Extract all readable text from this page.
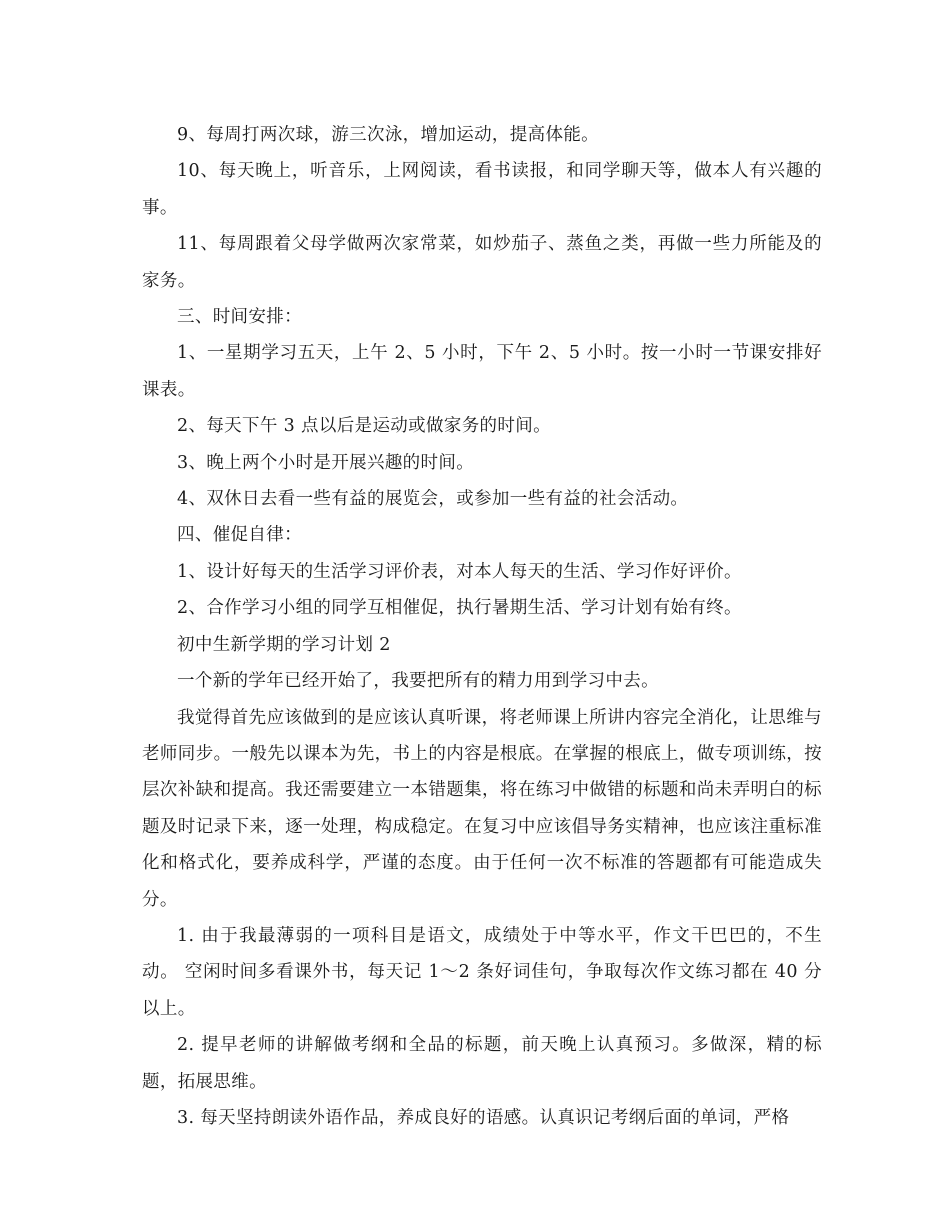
9、每周打两次球，游三次泳，增加运动，提高体能。

10、每天晚上，听音乐，上网阅读，看书读报，和同学聊天等，做本人有兴趣的事。

11、每周跟着父母学做两次家常菜，如炒茄子、蒸鱼之类，再做一些力所能及的家务。

三、时间安排：

1、一星期学习五天，上午 2、5 小时，下午 2、5 小时。按一小时一节课安排好课表。

2、每天下午 3 点以后是运动或做家务的时间。

3、晚上两个小时是开展兴趣的时间。

4、双休日去看一些有益的展览会，或参加一些有益的社会活动。

四、催促自律：

1、设计好每天的生活学习评价表，对本人每天的生活、学习作好评价。

2、合作学习小组的同学互相催促，执行暑期生活、学习计划有始有终。

初中生新学期的学习计划 2

一个新的学年已经开始了，我要把所有的精力用到学习中去。

我觉得首先应该做到的是应该认真听课，将老师课上所讲内容完全消化，让思维与老师同步。一般先以课本为先，书上的内容是根底。在掌握的根底上，做专项训练，按层次补缺和提高。我还需要建立一本错题集，将在练习中做错的标题和尚未弄明白的标题及时记录下来，逐一处理，构成稳定。在复习中应该倡导务实精神，也应该注重标准化和格式化，要养成科学，严谨的态度。由于任何一次不标准的答题都有可能造成失分。

1. 由于我最薄弱的一项科目是语文，成绩处于中等水平，作文干巴巴的，不生动。 空闲时间多看课外书，每天记 1～2 条好词佳句，争取每次作文练习都在 40 分以上。

2. 提早老师的讲解做考纲和全品的标题，前天晚上认真预习。多做深，精的标题，拓展思维。

3. 每天坚持朗读外语作品，养成良好的语感。认真识记考纲后面的单词，严格
